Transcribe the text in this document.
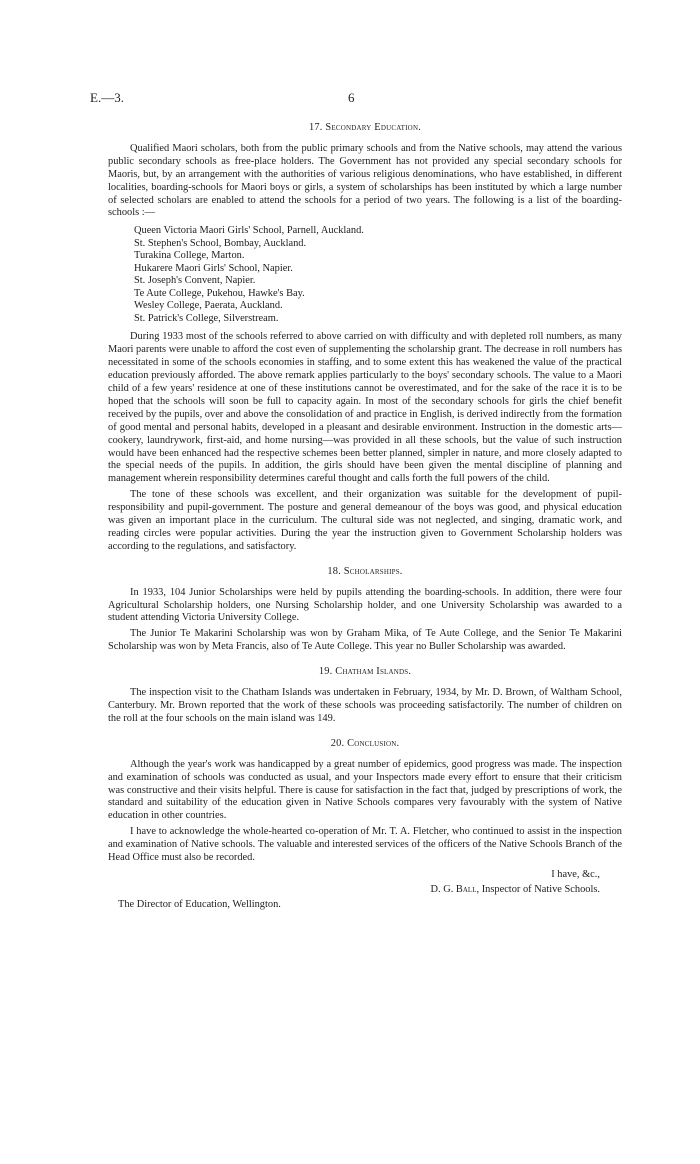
E.—3.	6
17. Secondary Education.

Qualified Maori scholars, both from the public primary schools and from the Native schools, may attend the various public secondary schools as free-place holders. The Government has not provided any special secondary schools for Maoris, but, by an arrangement with the authorities of various religious denominations, who have established, in different localities, boarding-schools for Maori boys or girls, a system of scholarships has been instituted by which a large number of selected scholars are enabled to attend the schools for a period of two years. The following is a list of the boarding-schools :—

Queen Victoria Maori Girls' School, Parnell, Auckland.
St. Stephen's School, Bombay, Auckland.
Turakina College, Marton.
Hukarere Maori Girls' School, Napier.
St. Joseph's Convent, Napier.
Te Aute College, Pukehou, Hawke's Bay.
Wesley College, Paerata, Auckland.
St. Patrick's College, Silverstream.

During 1933 most of the schools referred to above carried on with difficulty and with depleted roll numbers, as many Maori parents were unable to afford the cost even of supplementing the scholarship grant. The decrease in roll numbers has necessitated in some of the schools economies in staffing, and to some extent this has weakened the value of the practical education previously afforded. The above remark applies particularly to the boys' secondary schools. The value to a Maori child of a few years' residence at one of these institutions cannot be overestimated, and for the sake of the race it is to be hoped that the schools will soon be full to capacity again. In most of the secondary schools for girls the chief benefit received by the pupils, over and above the consolidation of and practice in English, is derived indirectly from the formation of good mental and personal habits, developed in a pleasant and desirable environment. Instruction in the domestic arts—cookery, laundrywork, first-aid, and home nursing—was provided in all these schools, but the value of such instruction would have been enhanced had the respective schemes been better planned, simpler in nature, and more closely adapted to the special needs of the pupils. In addition, the girls should have been given the mental discipline of planning and management wherein responsibility determines careful thought and calls forth the full powers of the child.

The tone of these schools was excellent, and their organization was suitable for the development of pupil-responsibility and pupil-government. The posture and general demeanour of the boys was good, and physical education was given an important place in the curriculum. The cultural side was not neglected, and singing, dramatic work, and reading circles were popular activities. During the year the instruction given to Government Scholarship holders was according to the regulations, and satisfactory.

18. Scholarships.

In 1933, 104 Junior Scholarships were held by pupils attending the boarding-schools. In addition, there were four Agricultural Scholarship holders, one Nursing Scholarship holder, and one University Scholarship was awarded to a student attending Victoria University College.

The Junior Te Makarini Scholarship was won by Graham Mika, of Te Aute College, and the Senior Te Makarini Scholarship was won by Meta Francis, also of Te Aute College. This year no Buller Scholarship was awarded.

19. Chatham Islands.

The inspection visit to the Chatham Islands was undertaken in February, 1934, by Mr. D. Brown, of Waltham School, Canterbury. Mr. Brown reported that the work of these schools was proceeding satisfactorily. The number of children on the roll at the four schools on the main island was 149.

20. Conclusion.

Although the year's work was handicapped by a great number of epidemics, good progress was made. The inspection and examination of schools was conducted as usual, and your Inspectors made every effort to ensure that their criticism was constructive and their visits helpful. There is cause for satisfaction in the fact that, judged by prescriptions of work, the standard and suitability of the education given in Native Schools compares very favourably with the system of Native education in other countries.

I have to acknowledge the whole-hearted co-operation of Mr. T. A. Fletcher, who continued to assist in the inspection and examination of Native schools. The valuable and interested services of the officers of the Native Schools Branch of the Head Office must also be recorded.

I have, &c.,
D. G. Ball, Inspector of Native Schools.
The Director of Education, Wellington.
